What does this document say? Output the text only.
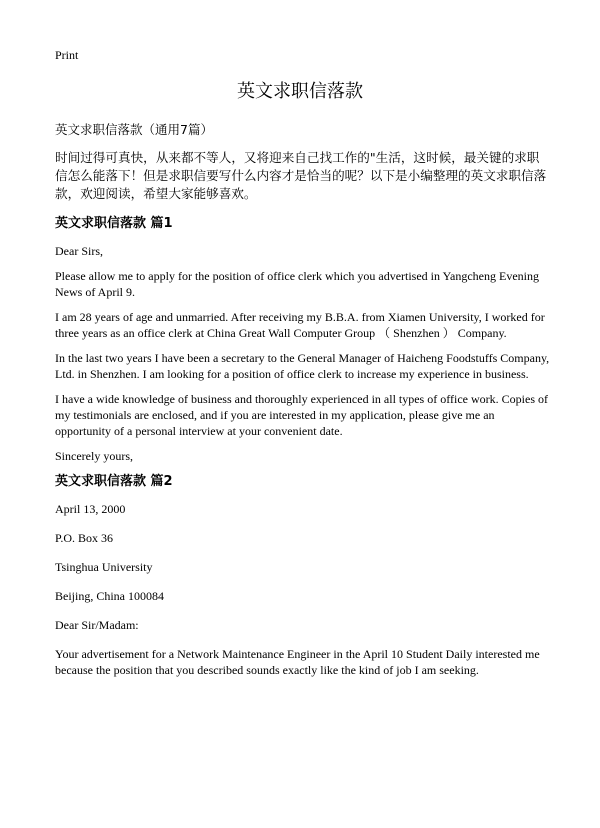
Print
英文求职信落款
英文求职信落款（通用7篇）
时间过得可真快，从来都不等人，又将迎来自己找工作的"生活，这时候，最关键的求职信怎么能落下！但是求职信要写什么内容才是恰当的呢？以下是小编整理的英文求职信落款，欢迎阅读，希望大家能够喜欢。
英文求职信落款 篇1
Dear Sirs,
Please allow me to apply for the position of office clerk which you advertised in Yangcheng Evening News of April 9.
I am 28 years of age and unmarried. After receiving my B.B.A. from Xiamen University, I worked for three years as an office clerk at China Great Wall Computer Group （ Shenzhen ） Company.
In the last two years I have been a secretary to the General Manager of Haicheng Foodstuffs Company, Ltd. in Shenzhen. I am looking for a position of office clerk to increase my experience in business.
I have a wide knowledge of business and thoroughly experienced in all types of office work. Copies of my testimonials are enclosed, and if you are interested in my application, please give me an opportunity of a personal interview at your convenient date.
Sincerely yours,
英文求职信落款 篇2
April 13, 2000
P.O. Box 36
Tsinghua University
Beijing, China 100084
Dear Sir/Madam:
Your advertisement for a Network Maintenance Engineer in the April 10 Student Daily interested me because the position that you described sounds exactly like the kind of job I am seeking.
